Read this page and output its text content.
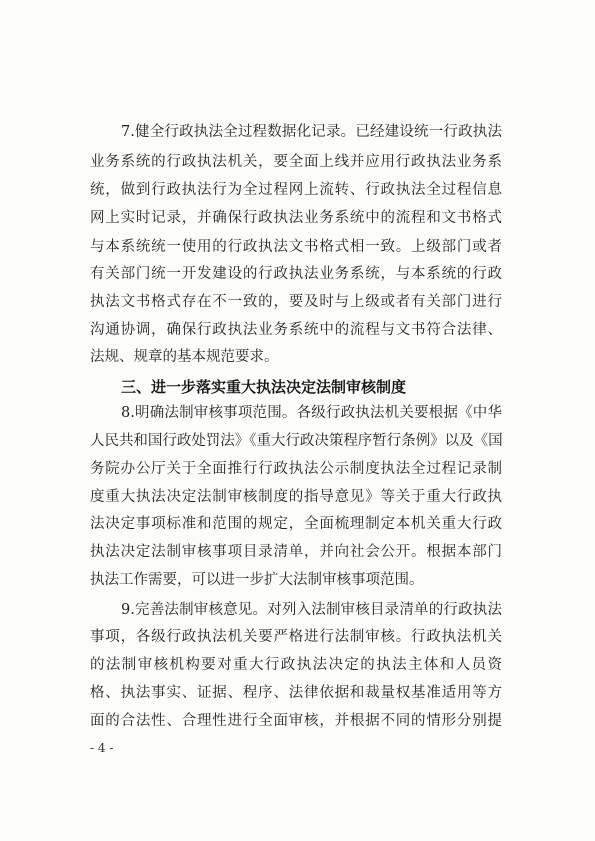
7.健全行政执法全过程数据化记录。已经建设统一行政执法
业务系统的行政执法机关，要全面上线并应用行政执法业务系
统，做到行政执法行为全过程网上流转、行政执法全过程信息
网上实时记录，并确保行政执法业务系统中的流程和文书格式
与本系统统一使用的行政执法文书格式相一致。上级部门或者
有关部门统一开发建设的行政执法业务系统，与本系统的行政
执法文书格式存在不一致的，要及时与上级或者有关部门进行
沟通协调，确保行政执法业务系统中的流程与文书符合法律、
法规、规章的基本规范要求。
三、进一步落实重大执法决定法制审核制度
8.明确法制审核事项范围。各级行政执法机关要根据《中华
人民共和国行政处罚法》《重大行政决策程序暂行条例》以及《国
务院办公厅关于全面推行行政执法公示制度执法全过程记录制
度重大执法决定法制审核制度的指导意见》等关于重大行政执
法决定事项标准和范围的规定，全面梳理制定本机关重大行政
执法决定法制审核事项目录清单，并向社会公开。根据本部门
执法工作需要，可以进一步扩大法制审核事项范围。
9.完善法制审核意见。对列入法制审核目录清单的行政执法
事项，各级行政执法机关要严格进行法制审核。行政执法机关
的法制审核机构要对重大行政执法决定的执法主体和人员资
格、执法事实、证据、程序、法律依据和裁量权基准适用等方
面的合法性、合理性进行全面审核，并根据不同的情形分别提
- 4 -
